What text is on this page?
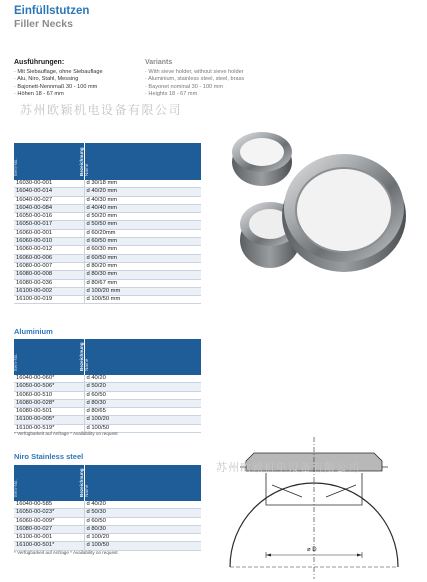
Einfüllstutzen
Filler Necks
Ausführungen:
· Mit Siebauflage, ohne Siebauflage
· Alu, Niro, Stahl, Messing
· Bajonett-Nennmaß 30 - 100 mm
· Höhen 18 - 67 mm
Variants
· With sieve holder, without sieve holder
· Aluminium, stainless steel, steel, brass
· Bayonet nominal 30 - 100 mm
· Heights 18 - 67 mm
苏州欧颖机电设备有限公司
Artikel-Nr. Item-No.	Bezeichnung Name
16030-00-001	d 30/18 mm
16040-00-014	d 40/20 mm
16040-00-027	d 40/30 mm
16040-00-084	d 40/40 mm
16050-00-016	d 50/20 mm
16050-00-017	d 50/50 mm
16060-00-001	d 60/20mm
16060-00-010	d 60/50 mm
16060-00-012	d 60/30 mm
16060-00-006	d 60/50 mm
16080-00-007	d 80/20 mm
16080-00-008	d 80/30 mm
16080-00-036	d 80/67 mm
16100-00-002	d 100/20 mm
16100-00-019	d 100/50 mm
Aluminium
Artikel-Nr. Item-No.	Bezeichnung Name
16040-00-060*	d 40/20
16050-00-506*	d 50/20
16060-00-510	d 60/50
16080-00-028*	d 80/30
16080-00-501	d 80/65
16100-00-005*	d 100/20
16100-00-519*	d 100/50
* Verfügbarkeit auf Anfrage * Availability on request
Niro Stainless steel
Artikel-Nr. Item-No.	Bezeichnung Name
16040-00-585	d 40/20
16050-00-023*	d 50/30
16060-00-009*	d 60/50
16080-00-027	d 80/30
16100-00-001	d 100/20
16100-00-501*	d 100/50
* Verfügbarkeit auf Anfrage * Availability on request	⌀ D
苏州欧颖机电设备有限公司
